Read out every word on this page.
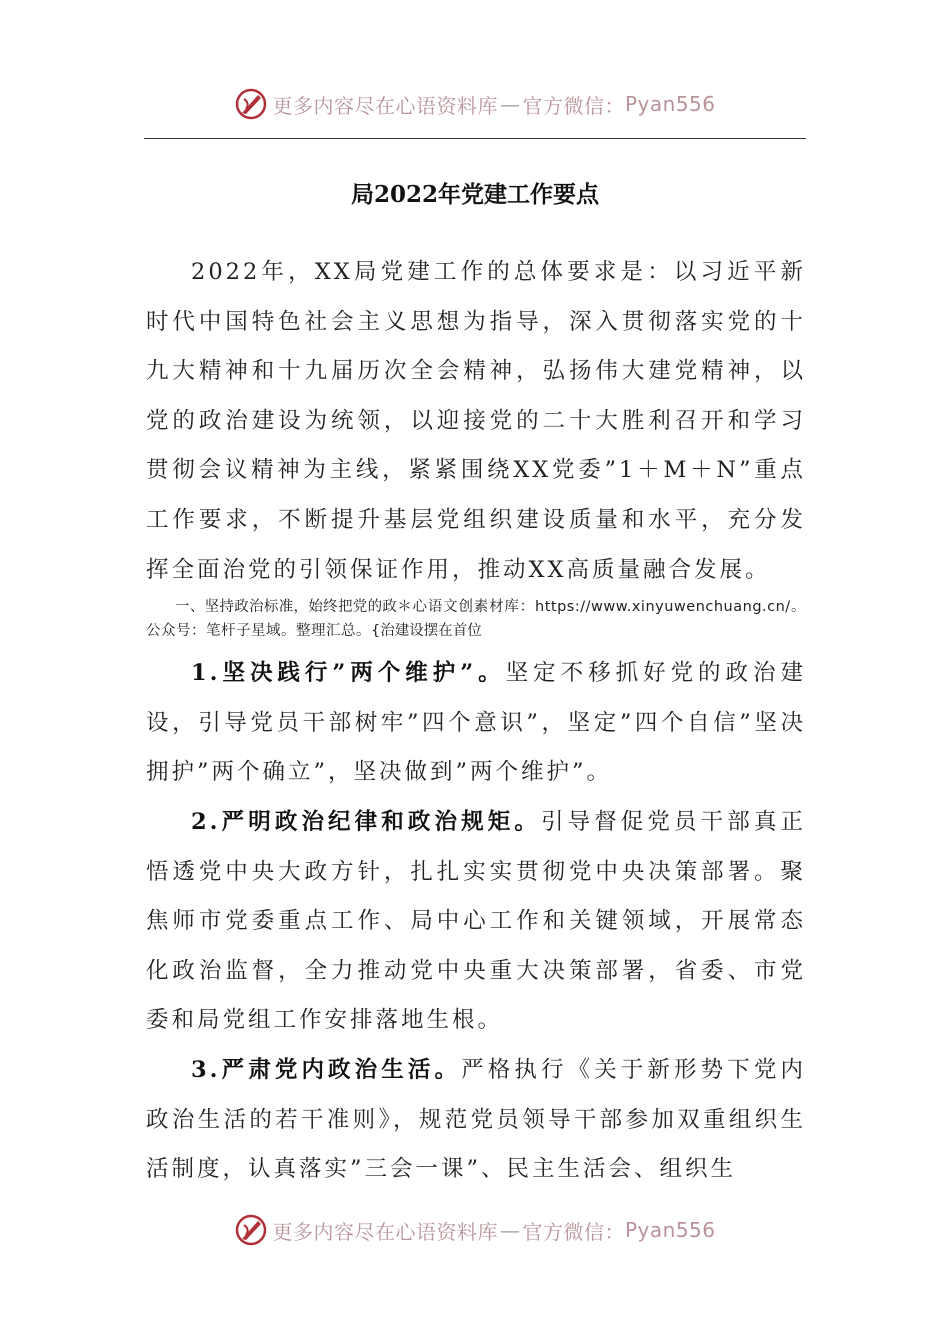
更多内容尽在心语资料库 — 官方微信： Pyan556
局2022年党建工作要点

2022年，XX局党建工作的总体要求是：以习近平新时代中国特色社会主义思想为指导，深入贯彻落实党的十九大精神和十九届历次全会精神，弘扬伟大建党精神，以党的政治建设为统领，以迎接党的二十大胜利召开和学习贯彻会议精神为主线，紧紧围绕XX党委”1＋M＋N”重点工作要求，不断提升基层党组织建设质量和水平，充分发挥全面治党的引领保证作用，推动XX高质量融合发展。

一、坚持政治标准，始终把党的政＊心语文创素材库：https://www.xinyuwenchuang.cn/。公众号：笔杆子星域。整理汇总。{治建设摆在首位

1.坚决践行”两个维护”。坚定不移抓好党的政治建设，引导党员干部树牢”四个意识”，坚定”四个自信”坚决拥护”两个确立”，坚决做到”两个维护”。

2.严明政治纪律和政治规矩。引导督促党员干部真正悟透党中央大政方针，扎扎实实贯彻党中央决策部署。聚焦师市党委重点工作、局中心工作和关键领域，开展常态化政治监督，全力推动党中央重大决策部署，省委、市党委和局党组工作安排落地生根。

3.严肃党内政治生活。严格执行《关于新形势下党内政治生活的若干准则》，规范党员领导干部参加双重组织生活制度，认真落实”三会一课”、民主生活会、组织生

更多内容尽在心语资料库 — 官方微信： Pyan556
